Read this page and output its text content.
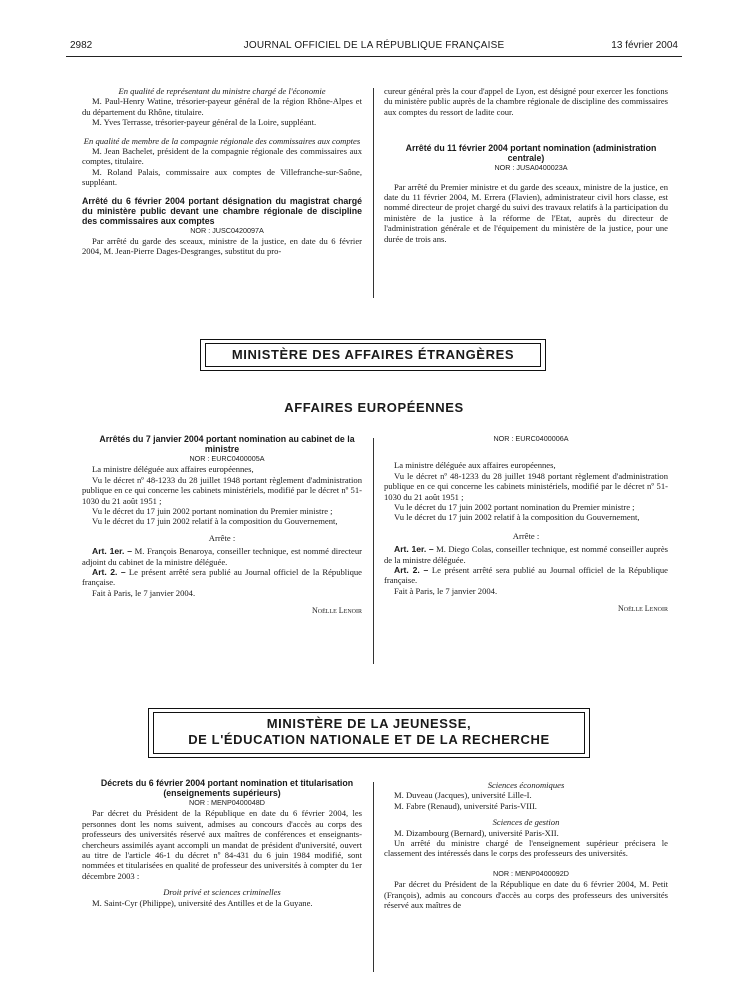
2982	JOURNAL OFFICIEL DE LA RÉPUBLIQUE FRANÇAISE	13 février 2004

En qualité de représentant du ministre chargé de l'économie

M. Paul-Henry Watine, trésorier-payeur général de la région Rhône-Alpes et du département du Rhône, titulaire.

M. Yves Terrasse, trésorier-payeur général de la Loire, suppléant.

En qualité de membre de la compagnie régionale des commissaires aux comptes

M. Jean Bachelet, président de la compagnie régionale des commissaires aux comptes, titulaire.

M. Roland Palais, commissaire aux comptes de Villefranche-sur-Saône, suppléant.

Arrêté du 6 février 2004 portant désignation du magistrat chargé du ministère public devant une chambre régionale de discipline des commissaires aux comptes

NOR : JUSC0420097A

Par arrêté du garde des sceaux, ministre de la justice, en date du 6 février 2004, M. Jean-Pierre Dages-Desgranges, substitut du pro-

cureur général près la cour d'appel de Lyon, est désigné pour exercer les fonctions du ministère public auprès de la chambre régionale de discipline des commissaires aux comptes du ressort de ladite cour.

Arrêté du 11 février 2004 portant nomination (administration centrale)

NOR : JUSA0400023A

Par arrêté du Premier ministre et du garde des sceaux, ministre de la justice, en date du 11 février 2004, M. Errera (Flavien), administrateur civil hors classe, est nommé directeur de projet chargé du suivi des travaux relatifs à la participation du ministère de la justice à la réforme de l'Etat, auprès du directeur de l'administration générale et de l'équipement du ministère de la justice, pour une durée de trois ans.

MINISTÈRE DES AFFAIRES ÉTRANGÈRES
AFFAIRES EUROPÉENNES

Arrêtés du 7 janvier 2004 portant nomination au cabinet de la ministre

NOR : EURC0400005A

La ministre déléguée aux affaires européennes,

Vu le décret nº 48-1233 du 28 juillet 1948 portant règlement d'administration publique en ce qui concerne les cabinets ministériels, modifié par le décret nº 51-1030 du 21 août 1951 ;

Vu le décret du 17 juin 2002 portant nomination du Premier ministre ;

Vu le décret du 17 juin 2002 relatif à la composition du Gouvernement,

Arrête :

Art. 1er. – M. François Benaroya, conseiller technique, est nommé directeur adjoint du cabinet de la ministre déléguée.

Art. 2. – Le présent arrêté sera publié au Journal officiel de la République française.

Fait à Paris, le 7 janvier 2004.

Noëlle Lenoir

NOR : EURC0400006A

La ministre déléguée aux affaires européennes,

Vu le décret nº 48-1233 du 28 juillet 1948 portant règlement d'administration publique en ce qui concerne les cabinets ministériels, modifié par le décret nº 51-1030 du 21 août 1951 ;

Vu le décret du 17 juin 2002 portant nomination du Premier ministre ;

Vu le décret du 17 juin 2002 relatif à la composition du Gouvernement,

Arrête :

Art. 1er. – M. Diego Colas, conseiller technique, est nommé conseiller auprès de la ministre déléguée.

Art. 2. – Le présent arrêté sera publié au Journal officiel de la République française.

Fait à Paris, le 7 janvier 2004.

Noëlle Lenoir
MINISTÈRE DE LA JEUNESSE,
DE L'ÉDUCATION NATIONALE ET DE LA RECHERCHE

Décrets du 6 février 2004 portant nomination et titularisation (enseignements supérieurs)

NOR : MENP0400048D

Par décret du Président de la République en date du 6 février 2004, les personnes dont les noms suivent, admises au concours d'accès au corps des professeurs des universités réservé aux maîtres de conférences et enseignants-chercheurs assimilés ayant accompli un mandat de président d'université, ouvert au titre de l'article 46-1 du décret nº 84-431 du 6 juin 1984 modifié, sont nommées et titularisées en qualité de professeur des universités à compter du 1er décembre 2003 :

Droit privé et sciences criminelles

M. Saint-Cyr (Philippe), université des Antilles et de la Guyane.

Sciences économiques

M. Duveau (Jacques), université Lille-I.

M. Fabre (Renaud), université Paris-VIII.

Sciences de gestion

M. Dizambourg (Bernard), université Paris-XII.

Un arrêté du ministre chargé de l'enseignement supérieur précisera le classement des intéressés dans le corps des professeurs des universités.

NOR : MENP0400092D

Par décret du Président de la République en date du 6 février 2004, M. Petit (François), admis au concours d'accès au corps des professeurs des universités réservé aux maîtres de
